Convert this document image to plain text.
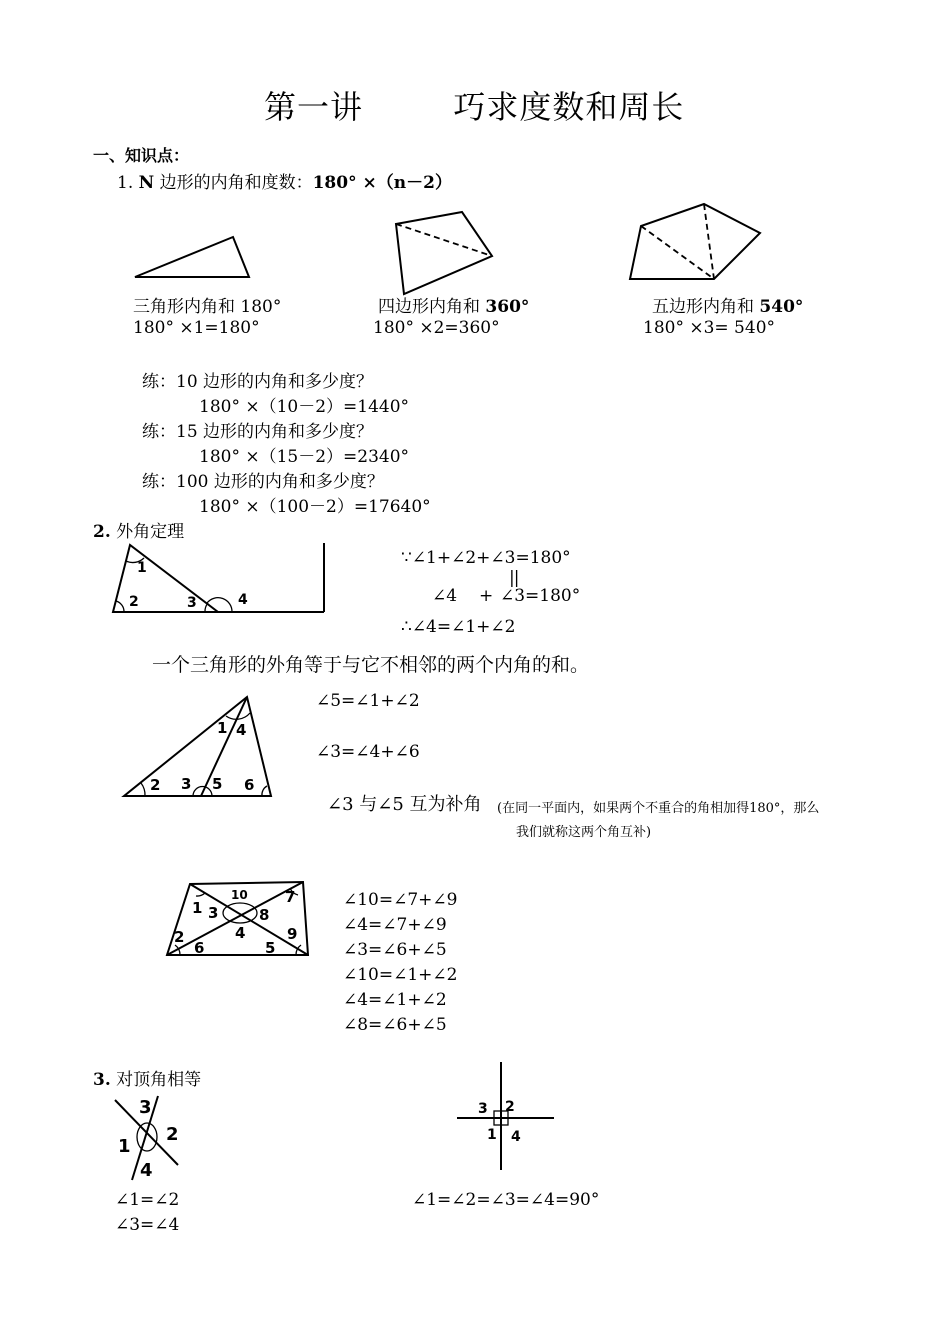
第一讲	巧求度数和周长
一、知识点：
1. N 边形的内角和度数：180° ×（n－2）
三角形内角和 180°
180° ×1=180°
四边形内角和 360°
180° ×2=360°
五边形内角和 540°
180° ×3= 540°
练：10 边形的内角和多少度？
180° ×（10－2）=1440°
练：15 边形的内角和多少度？
180° ×（15－2）=2340°
练：100 边形的内角和多少度？
180° ×（100－2）=17640°
2. 外角定理
1
2	3	4
∵∠1+∠2+∠3=180°
||
∠4 + ∠3=180°
∴∠4=∠1+∠2
一个三角形的外角等于与它不相邻的两个内角的和。
1 4
2 3 5 6
∠5=∠1+∠2
∠3=∠4+∠6
∠3 与∠5 互为补角 (在同一平面内，如果两个不重合的角相加得180°，那么
我们就称这两个角互补)
10 7
1 3	8
4
2	9
6	5
∠10=∠7+∠9
∠4=∠7+∠9
∠3=∠6+∠5
∠10=∠1+∠2
∠4=∠1+∠2
∠8=∠6+∠5
3. 对顶角相等
3
1
2
4
3 2
1 4
∠1=∠2
∠3=∠4
∠1=∠2=∠3=∠4=90°
